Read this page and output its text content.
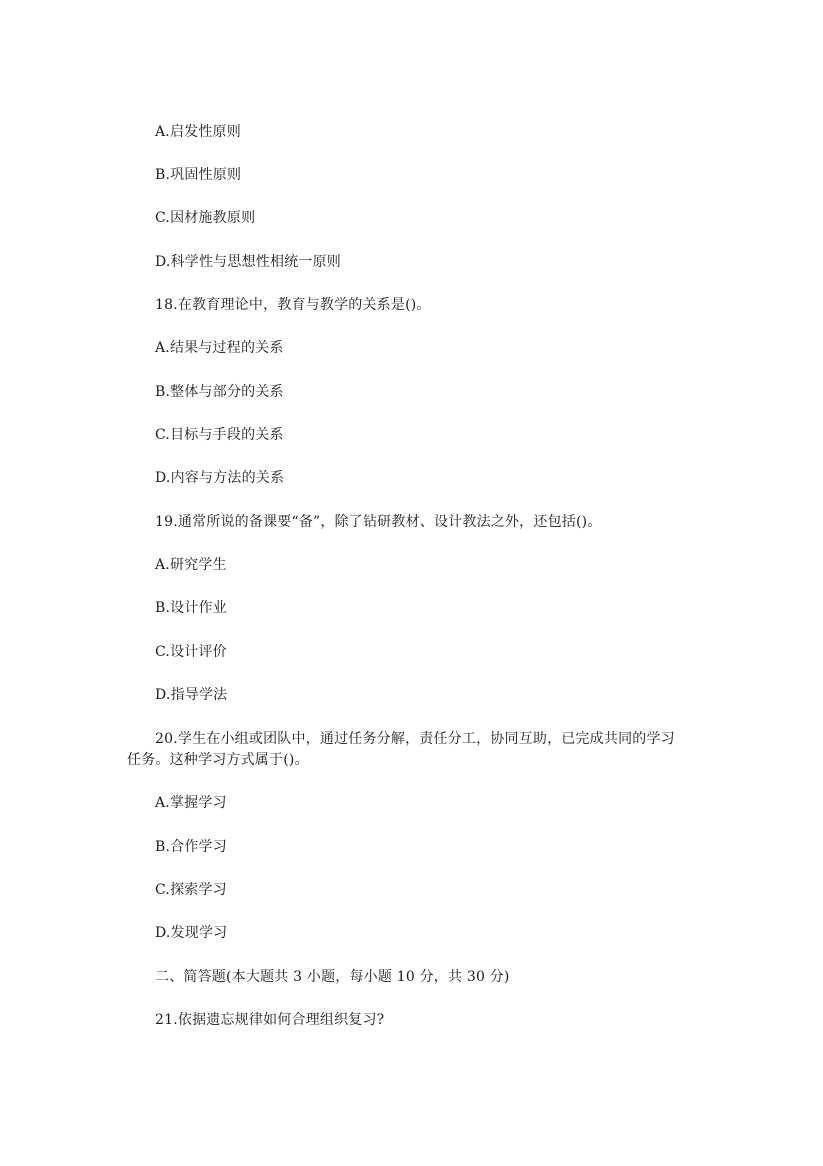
A.启发性原则
B.巩固性原则
C.因材施教原则
D.科学性与思想性相统一原则
18.在教育理论中，教育与教学的关系是()。
A.结果与过程的关系
B.整体与部分的关系
C.目标与手段的关系
D.内容与方法的关系
19.通常所说的备课要“备”，除了钻研教材、设计教法之外，还包括()。
A.研究学生
B.设计作业
C.设计评价
D.指导学法
20.学生在小组或团队中，通过任务分解，责任分工，协同互助，已完成共同的学习
任务。这种学习方式属于()。
A.掌握学习
B.合作学习
C.探索学习
D.发现学习
二、简答题(本大题共 3 小题，每小题 10 分，共 30 分)
21.依据遗忘规律如何合理组织复习?
